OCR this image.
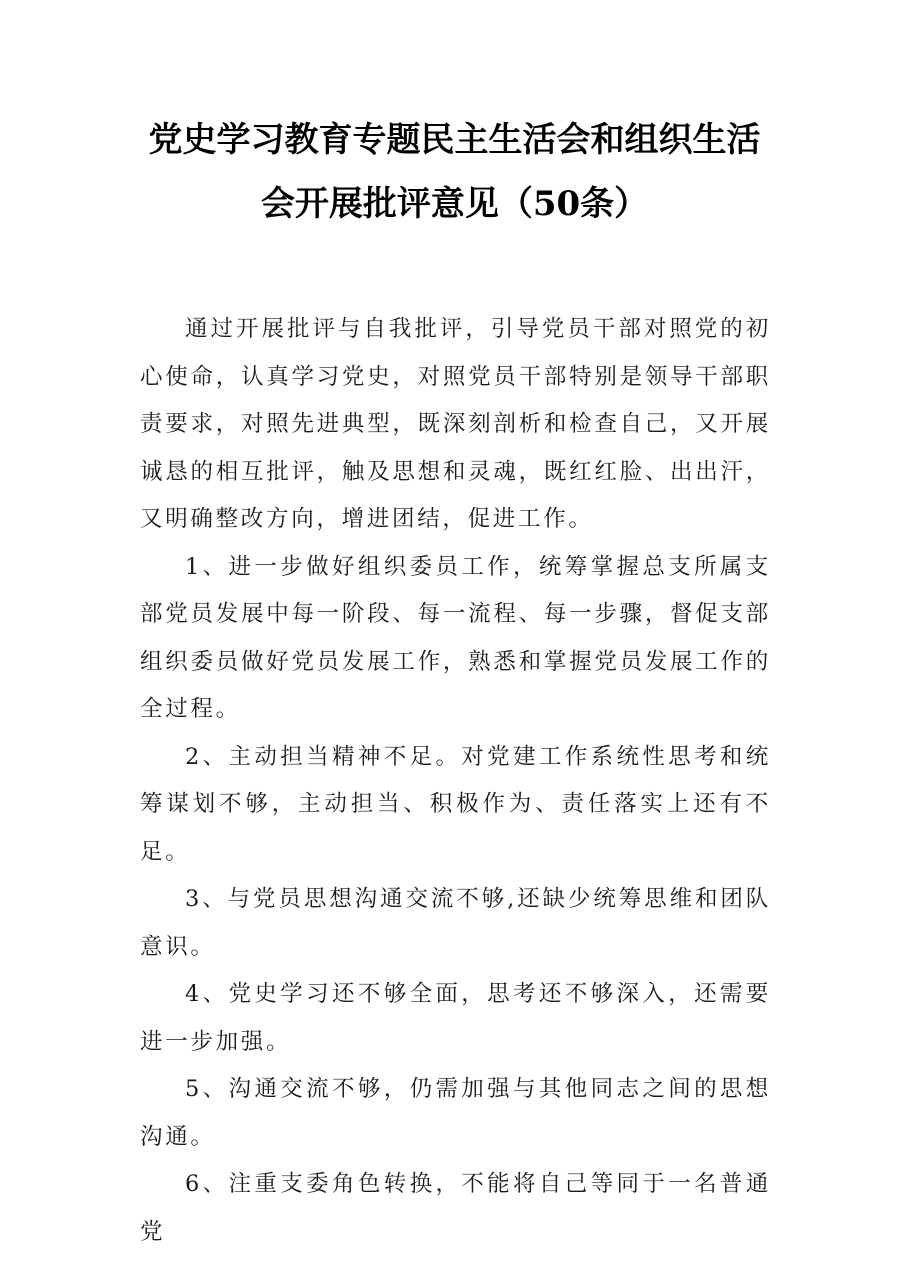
党史学习教育专题民主生活会和组织生活
会开展批评意见（50条）

通过开展批评与自我批评，引导党员干部对照党的初心使命，认真学习党史，对照党员干部特别是领导干部职责要求，对照先进典型，既深刻剖析和检查自己，又开展诚恳的相互批评，触及思想和灵魂，既红红脸、出出汗，又明确整改方向，增进团结，促进工作。

1、进一步做好组织委员工作，统筹掌握总支所属支部党员发展中每一阶段、每一流程、每一步骤，督促支部组织委员做好党员发展工作，熟悉和掌握党员发展工作的全过程。

2、主动担当精神不足。对党建工作系统性思考和统筹谋划不够，主动担当、积极作为、责任落实上还有不足。

3、与党员思想沟通交流不够,还缺少统筹思维和团队意识。

4、党史学习还不够全面，思考还不够深入，还需要进一步加强。

5、沟通交流不够，仍需加强与其他同志之间的思想沟通。

6、注重支委角色转换，不能将自己等同于一名普通党
